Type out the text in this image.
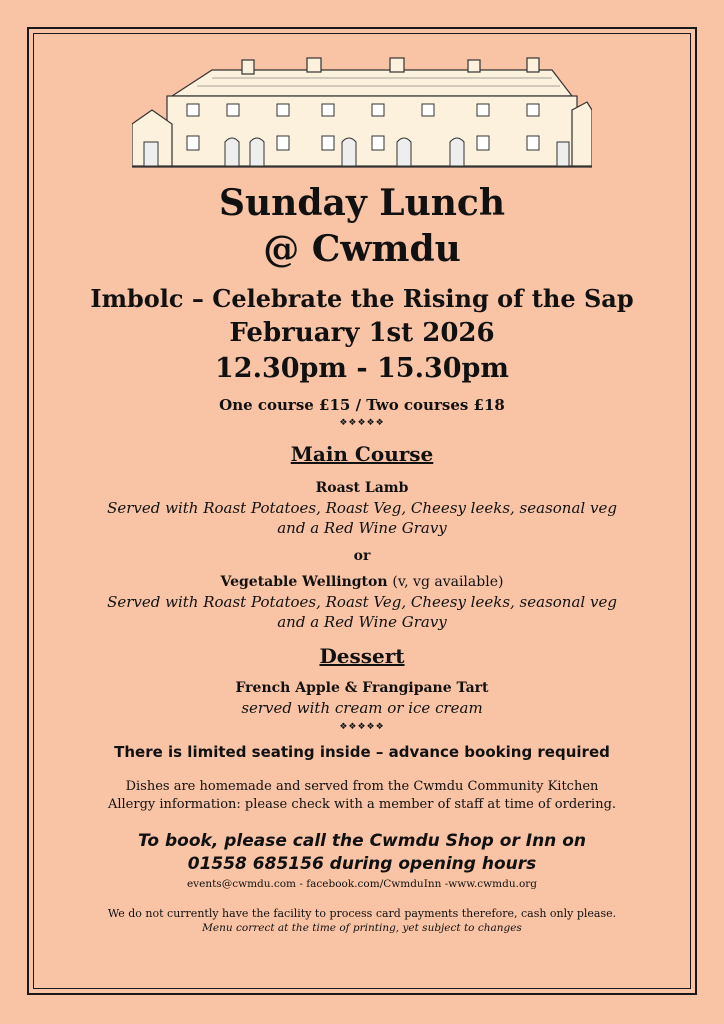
Sunday Lunch

@ Cwmdu

Imbolc – Celebrate the Rising of the Sap

February 1st 2026

12.30pm - 15.30pm

One course £15 / Two courses £18

❖❖❖❖❖

Main Course

Roast Lamb

Served with Roast Potatoes, Roast Veg, Cheesy leeks, seasonal veg

and a Red Wine Gravy

or

Vegetable Wellington (v, vg available)

Served with Roast Potatoes, Roast Veg, Cheesy leeks, seasonal veg

and a Red Wine Gravy

Dessert

French Apple & Frangipane Tart

served with cream or ice cream

❖❖❖❖❖

There is limited seating inside – advance booking required

Dishes are homemade and served from the Cwmdu Community Kitchen

Allergy information: please check with a member of staff at time of ordering.

To book, please call the Cwmdu Shop or Inn on

01558 685156 during opening hours

events@cwmdu.com - facebook.com/CwmduInn -www.cwmdu.org

We do not currently have the facility to process card payments therefore, cash only please.

Menu correct at the time of printing, yet subject to changes
